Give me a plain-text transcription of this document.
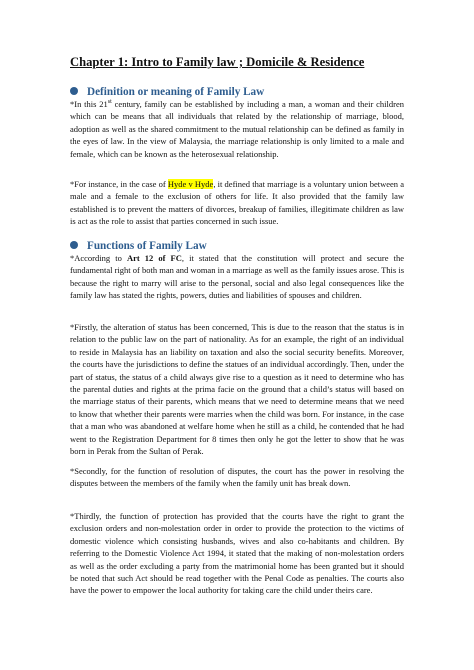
Chapter 1: Intro to Family law ; Domicile & Residence
Definition or meaning of Family Law

*In this 21st century, family can be established by including a man, a woman and their children which can be means that all individuals that related by the relationship of marriage, blood, adoption as well as the shared commitment to the mutual relationship can be defined as family in the eyes of law. In the view of Malaysia, the marriage relationship is only limited to a male and female, which can be known as the heterosexual relationship.

*For instance, in the case of Hyde v Hyde, it defined that marriage is a voluntary union between a male and a female to the exclusion of others for life. It also provided that the family law established is to prevent the matters of divorces, breakup of families, illegitimate children as law is act as the role to assist that parties concerned in such issue.

Functions of Family Law

*According to Art 12 of FC, it stated that the constitution will protect and secure the fundamental right of both man and woman in a marriage as well as the family issues arose. This is because the right to marry will arise to the personal, social and also legal consequences like the family law has stated the rights, powers, duties and liabilities of spouses and children.

*Firstly, the alteration of status has been concerned, This is due to the reason that the status is in relation to the public law on the part of nationality. As for an example, the right of an individual to reside in Malaysia has an liability on taxation and also the social security benefits. Moreover, the courts have the jurisdictions to define the statues of an individual accordingly. Then, under the part of status, the status of a child always give rise to a question as it need to determine who has the parental duties and rights at the prima facie on the ground that a child’s status will based on the marriage status of their parents, which means that we need to determine means that we need to know that whether their parents were marries when the child was born. For instance, in the case that a man who was abandoned at welfare home when he still as a child, he contended that he had went to the Registration Department for 8 times then only he got the letter to show that he was born in Perak from the Sultan of Perak.

*Secondly, for the function of resolution of disputes, the court has the power in resolving the disputes between the members of the family when the family unit has break down.

*Thirdly, the function of protection has provided that the courts have the right to grant the exclusion orders and non-molestation order in order to provide the protection to the victims of domestic violence which consisting husbands, wives and also co-habitants and children. By referring to the Domestic Violence Act 1994, it stated that the making of non-molestation orders as well as the order excluding a party from the matrimonial home has been granted but it should be noted that such Act should be read together with the Penal Code as penalties. The courts also have the power to empower the local authority for taking care the child under theirs care.
